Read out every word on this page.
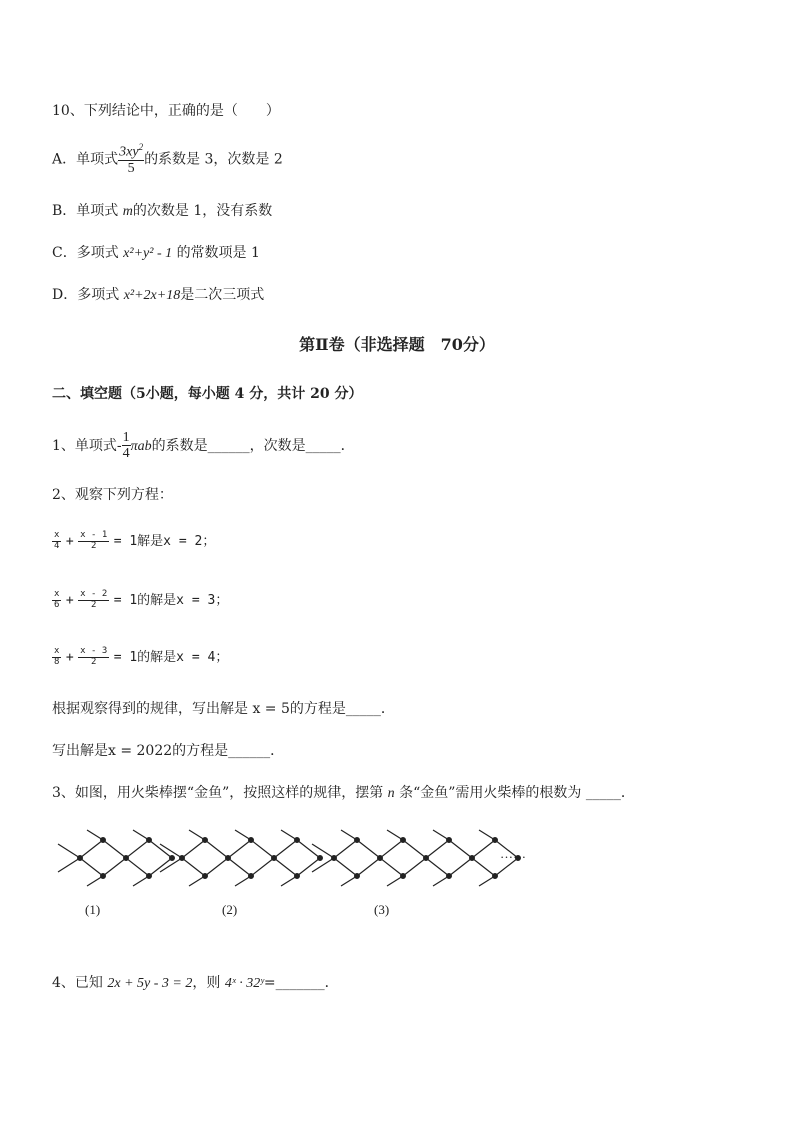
10、下列结论中，正确的是（　　）
A．单项式 $\frac{3xy^2}{5}$ 的系数是 3，次数是 2
B．单项式 m的次数是 1，没有系数
C．多项式 x²+y² - 1 的常数项是 1
D．多项式 x²+2x+18是二次三项式
第Ⅱ卷（非选择题　70分）
二、填空题（5小题，每小题 4 分，共计 20 分）
1、单项式- $\frac{1}{4}$ πab的系数是______，次数是_____．
2、观察下列方程：
$\frac{x}{4} + \frac{x - 1}{2} = 1$解是x = 2；
$\frac{x}{6} + \frac{x - 2}{2} = 1$的解是x = 3；
$\frac{x}{8} + \frac{x - 3}{2} = 1$的解是x = 4；
根据观察得到的规律，写出解是 x = 5的方程是_____．
写出解是x = 2022的方程是______．
3、如图，用火柴棒摆“金鱼”，按照这样的规律，摆第 n 条“金鱼”需用火柴棒的根数为 _____．
(1)	(2)	(3)
……
4、已知 2x + 5y - 3 = 2，则 4ˣ · 32ʸ=_______．
